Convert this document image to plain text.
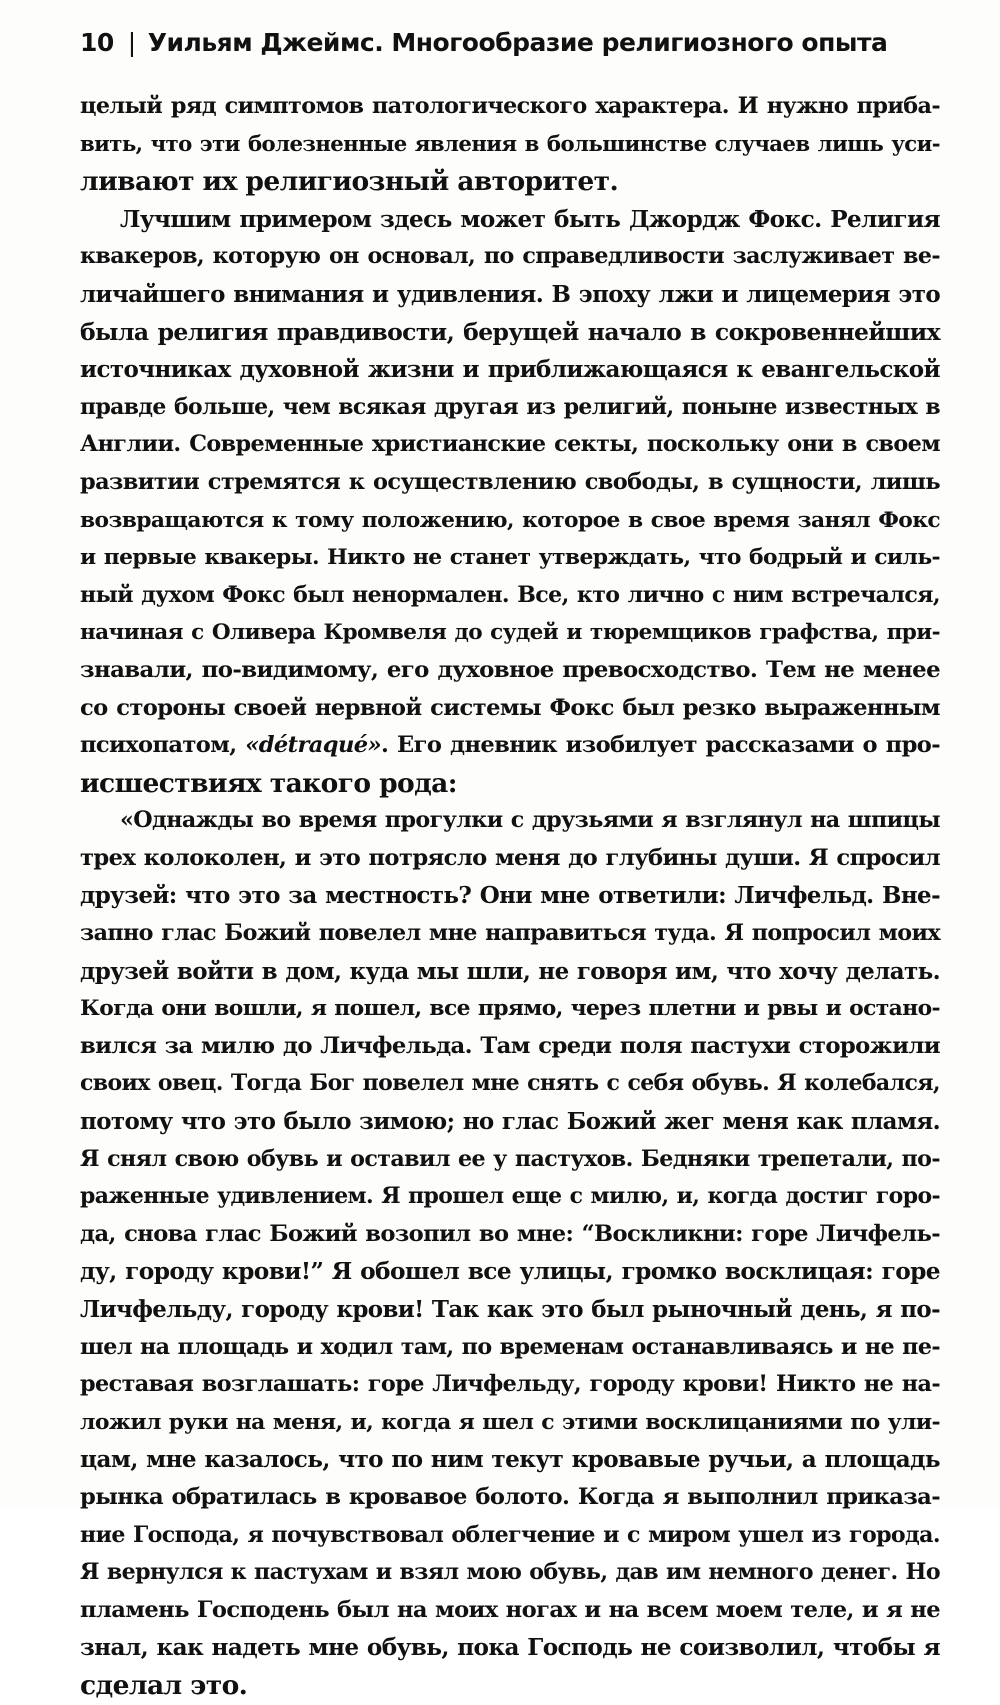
10 | Уильям Джеймс. Многообразие религиозного опыта
целый ряд симптомов патологического характера. И нужно приба-
вить, что эти болезненные явления в большинстве случаев лишь уси-
ливают их религиозный авторитет.
Лучшим примером здесь может быть Джордж Фокс. Религия
квакеров, которую он основал, по справедливости заслуживает ве-
личайшего внимания и удивления. В эпоху лжи и лицемерия это
была религия правдивости, берущей начало в сокровеннейших
источниках духовной жизни и приближающаяся к евангельской
правде больше, чем всякая другая из религий, поныне известных в
Англии. Современные христианские секты, поскольку они в своем
развитии стремятся к осуществлению свободы, в сущности, лишь
возвращаются к тому положению, которое в свое время занял Фокс
и первые квакеры. Никто не станет утверждать, что бодрый и силь-
ный духом Фокс был ненормален. Все, кто лично с ним встречался,
начиная с Оливера Кромвеля до судей и тюремщиков графства, при-
знавали, по-видимому, его духовное превосходство. Тем не менее
со стороны своей нервной системы Фокс был резко выраженным
психопатом, «détraqué». Его дневник изобилует рассказами о про-
исшествиях такого рода:
«Однажды во время прогулки с друзьями я взглянул на шпицы
трех колоколен, и это потрясло меня до глубины души. Я спросил
друзей: что это за местность? Они мне ответили: Личфельд. Вне-
запно глас Божий повелел мне направиться туда. Я попросил моих
друзей войти в дом, куда мы шли, не говоря им, что хочу делать.
Когда они вошли, я пошел, все прямо, через плетни и рвы и остано-
вился за милю до Личфельда. Там среди поля пастухи сторожили
своих овец. Тогда Бог повелел мне снять с себя обувь. Я колебался,
потому что это было зимою; но глас Божий жег меня как пламя.
Я снял свою обувь и оставил ее у пастухов. Бедняки трепетали, по-
раженные удивлением. Я прошел еще с милю, и, когда достиг горо-
да, снова глас Божий возопил во мне: “Воскликни: горе Личфель-
ду, городу крови!” Я обошел все улицы, громко восклицая: горе
Личфельду, городу крови! Так как это был рыночный день, я по-
шел на площадь и ходил там, по временам останавливаясь и не пе-
реставая возглашать: горе Личфельду, городу крови! Никто не на-
ложил руки на меня, и, когда я шел с этими восклицаниями по ули-
цам, мне казалось, что по ним текут кровавые ручьи, а площадь
рынка обратилась в кровавое болото. Когда я выполнил приказа-
ние Господа, я почувствовал облегчение и с миром ушел из города.
Я вернулся к пастухам и взял мою обувь, дав им немного денег. Но
пламень Господень был на моих ногах и на всем моем теле, и я не
знал, как надеть мне обувь, пока Господь не соизволил, чтобы я
сделал это.
